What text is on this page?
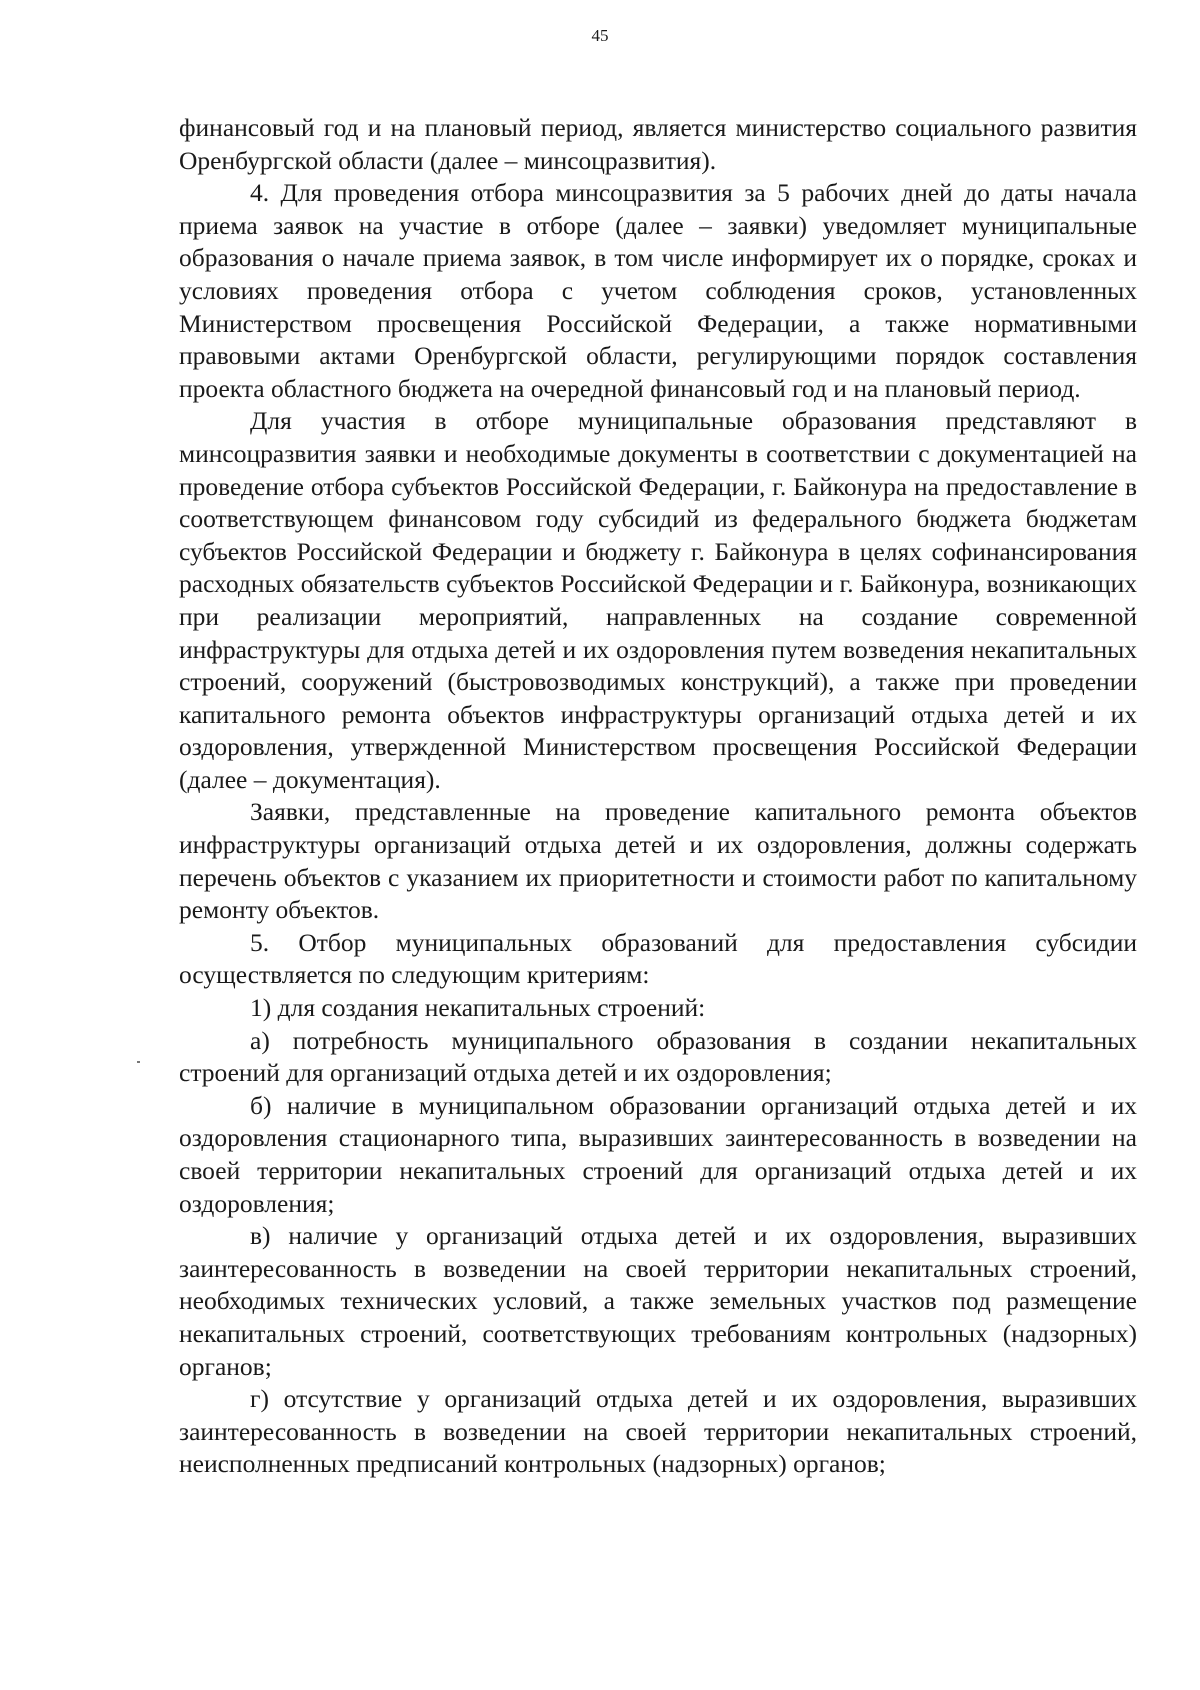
45

финансовый год и на плановый период, является министерство социального развития Оренбургской области (далее – минсоцразвития).

4. Для проведения отбора минсоцразвития за 5 рабочих дней до даты начала приема заявок на участие в отборе (далее – заявки) уведомляет муниципальные образования о начале приема заявок, в том числе информирует их о порядке, сроках и условиях проведения отбора с учетом соблюдения сроков, установленных Министерством просвещения Российской Федерации, а также нормативными правовыми актами Оренбургской области, регулирующими порядок составления проекта областного бюджета на очередной финансовый год и на плановый период.

Для участия в отборе муниципальные образования представляют в минсоцразвития заявки и необходимые документы в соответствии с документацией на проведение отбора субъектов Российской Федерации, г. Байконура на предоставление в соответствующем финансовом году субсидий из федерального бюджета бюджетам субъектов Российской Федерации и бюджету г. Байконура в целях софинансирования расходных обязательств субъектов Российской Федерации и г. Байконура, возникающих при реализации мероприятий, направленных на создание современной инфраструктуры для отдыха детей и их оздоровления путем возведения некапитальных строений, сооружений (быстровозводимых конструкций), а также при проведении капитального ремонта объектов инфраструктуры организаций отдыха детей и их оздоровления, утвержденной Министерством просвещения Российской Федерации (далее – документация).

Заявки, представленные на проведение капитального ремонта объектов инфраструктуры организаций отдыха детей и их оздоровления, должны содержать перечень объектов с указанием их приоритетности и стоимости работ по капитальному ремонту объектов.

5. Отбор муниципальных образований для предоставления субсидии осуществляется по следующим критериям:

1) для создания некапитальных строений:

а) потребность муниципального образования в создании некапитальных строений для организаций отдыха детей и их оздоровления;

б) наличие в муниципальном образовании организаций отдыха детей и их оздоровления стационарного типа, выразивших заинтересованность в возведении на своей территории некапитальных строений для организаций отдыха детей и их оздоровления;

в) наличие у организаций отдыха детей и их оздоровления, выразивших заинтересованность в возведении на своей территории некапитальных строений, необходимых технических условий, а также земельных участков под размещение некапитальных строений, соответствующих требованиям контрольных (надзорных) органов;

г) отсутствие у организаций отдыха детей и их оздоровления, выразивших заинтересованность в возведении на своей территории некапитальных строений, неисполненных предписаний контрольных (надзорных) органов;
